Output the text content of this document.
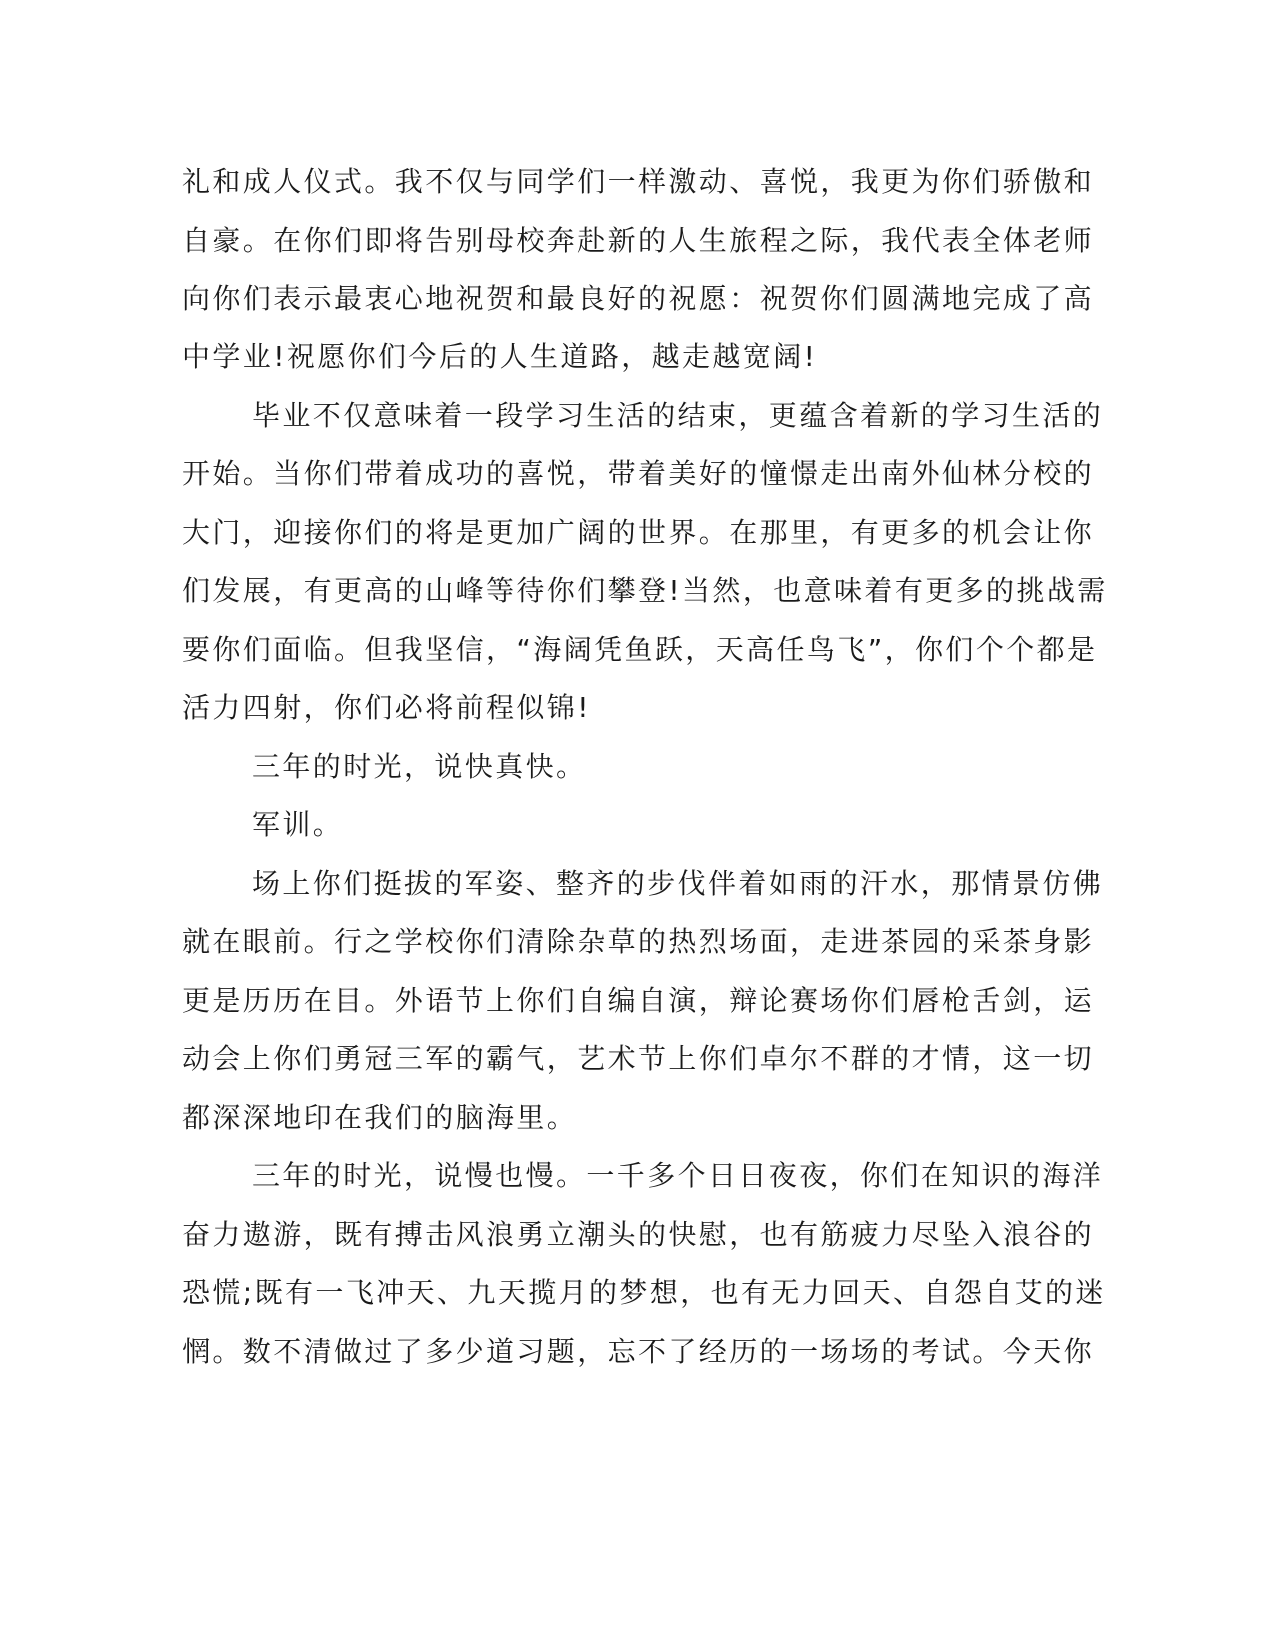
礼和成人仪式。我不仅与同学们一样激动、喜悦，我更为你们骄傲和
自豪。在你们即将告别母校奔赴新的人生旅程之际，我代表全体老师
向你们表示最衷心地祝贺和最良好的祝愿：祝贺你们圆满地完成了高
中学业!祝愿你们今后的人生道路，越走越宽阔!
毕业不仅意味着一段学习生活的结束，更蕴含着新的学习生活的
开始。当你们带着成功的喜悦，带着美好的憧憬走出南外仙林分校的
大门，迎接你们的将是更加广阔的世界。在那里，有更多的机会让你
们发展，有更高的山峰等待你们攀登!当然，也意味着有更多的挑战需
要你们面临。但我坚信，“海阔凭鱼跃，天高任鸟飞”，你们个个都是
活力四射，你们必将前程似锦!
三年的时光，说快真快。
军训。
场上你们挺拔的军姿、整齐的步伐伴着如雨的汗水，那情景仿佛
就在眼前。行之学校你们清除杂草的热烈场面，走进茶园的采茶身影
更是历历在目。外语节上你们自编自演，辩论赛场你们唇枪舌剑，运
动会上你们勇冠三军的霸气，艺术节上你们卓尔不群的才情，这一切
都深深地印在我们的脑海里。
三年的时光，说慢也慢。一千多个日日夜夜，你们在知识的海洋
奋力遨游，既有搏击风浪勇立潮头的快慰，也有筋疲力尽坠入浪谷的
恐慌;既有一飞冲天、九天揽月的梦想，也有无力回天、自怨自艾的迷
惘。数不清做过了多少道习题，忘不了经历的一场场的考试。今天你
